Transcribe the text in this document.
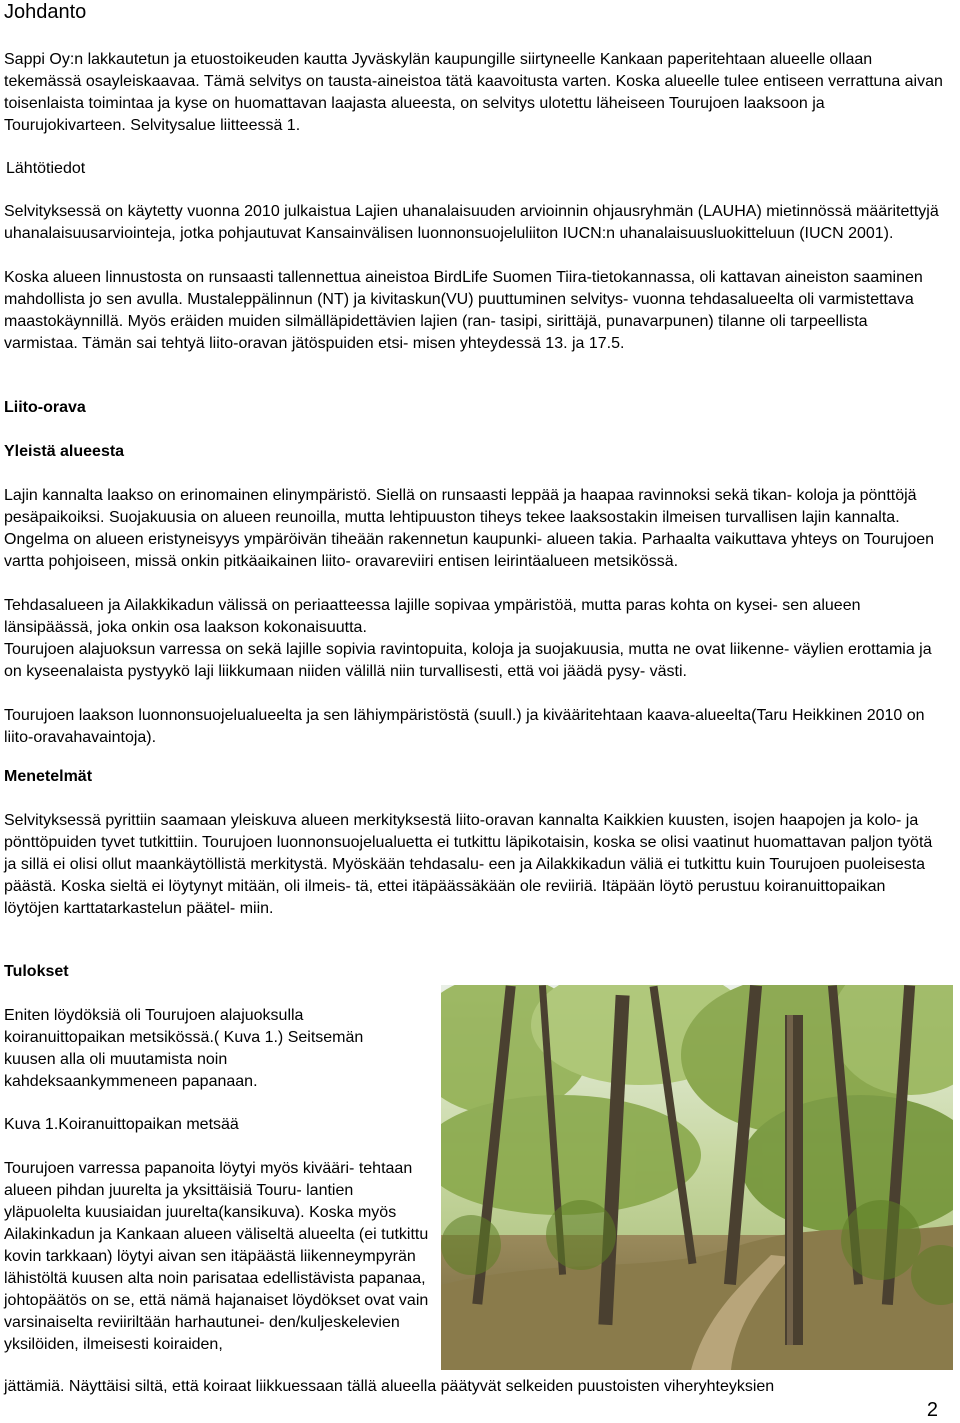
Johdanto

Sappi Oy:n lakkautetun ja etuostoikeuden kautta Jyväskylän kaupungille siirtyneelle Kankaan paperitehtaan alueelle ollaan tekemässä osayleiskaavaa. Tämä selvitys on tausta-aineistoa tätä kaavoitusta varten. Koska alueelle tulee entiseen verrattuna aivan toisenlaista toimintaa ja kyse on huomattavan laajasta alueesta, on selvitys ulotettu läheiseen Tourujoen laaksoon ja Tourujokivarteen. Selvitysalue liitteessä 1.

Lähtötiedot

Selvityksessä on käytetty vuonna 2010 julkaistua Lajien uhanalaisuuden arvioinnin ohjausryhmän (LAUHA) mietinnössä määritettyjä uhanalaisuusarviointeja, jotka pohjautuvat Kansainvälisen luonnonsuojeluliiton IUCN:n uhanalaisuusluokitteluun (IUCN 2001).

Koska alueen linnustosta on runsaasti tallennettua aineistoa BirdLife Suomen Tiira-tietokannassa, oli kattavan aineiston saaminen mahdollista jo sen avulla. Mustaleppälinnun (NT) ja kivitaskun(VU) puuttuminen selvitys- vuonna tehdasalueelta oli varmistettava maastokäynnillä. Myös eräiden muiden silmälläpidettävien lajien (ran- tasipi, sirittäjä, punavarpunen) tilanne oli tarpeellista varmistaa. Tämän sai tehtyä liito-oravan jätöspuiden etsi- misen yhteydessä 13. ja 17.5.

Liito-orava
Yleistä alueesta

Lajin kannalta laakso on erinomainen elinympäristö. Siellä on runsaasti leppää ja haapaa ravinnoksi sekä tikan- koloja ja pönttöjä pesäpaikoiksi. Suojakuusia on alueen reunoilla, mutta lehtipuuston tiheys tekee laaksostakin ilmeisen turvallisen lajin kannalta. Ongelma on alueen eristyneisyys ympäröivän tiheään rakennetun kaupunki- alueen takia. Parhaalta vaikuttava yhteys on Tourujoen vartta pohjoiseen, missä onkin pitkäaikainen liito- oravareviiri entisen leirintäalueen metsikössä.

Tehdasalueen ja Ailakkikadun välissä on periaatteessa lajille sopivaa ympäristöä, mutta paras kohta on kysei- sen alueen länsipäässä, joka onkin osa laakson kokonaisuutta.

Tourujoen alajuoksun varressa on sekä lajille sopivia ravintopuita, koloja ja suojakuusia, mutta ne ovat liikenne- väylien erottamia ja on kyseenalaista pystyykö laji liikkumaan niiden välillä niin turvallisesti, että voi jäädä pysy- västi.

Tourujoen laakson luonnonsuojelualueelta ja sen lähiympäristöstä (suull.) ja kivääritehtaan kaava-alueelta(Taru Heikkinen 2010 on liito-oravahavaintoja).

Menetelmät

Selvityksessä pyrittiin saamaan yleiskuva alueen merkityksestä liito-oravan kannalta Kaikkien kuusten, isojen haapojen ja kolo- ja pönttöpuiden tyvet tutkittiin. Tourujoen luonnonsuojelualuetta ei tutkittu läpikotaisin, koska se olisi vaatinut huomattavan paljon työtä ja sillä ei olisi ollut maankäytöllistä merkitystä. Myöskään tehdasalu- een ja Ailakkikadun väliä ei tutkittu kuin Tourujoen puoleisesta päästä. Koska sieltä ei löytynyt mitään, oli ilmeis- tä, ettei itäpäässäkään ole reviiriä. Itäpään löytö perustuu koiranuittopaikan löytöjen karttatarkastelun päätel- miin.

Tulokset

Eniten löydöksiä oli Tourujoen alajuoksulla koiranuittopaikan metsikössä.( Kuva 1.) Seitsemän kuusen alla oli muutamista noin kahdeksaankymmeneen papanaan.

Kuva 1.Koiranuittopaikan metsää

Tourujoen varressa papanoita löytyi myös kivääri- tehtaan alueen pihdan juurelta ja yksittäisiä Touru- lantien yläpuolelta kuusiaidan juurelta(kansikuva). Koska myös Ailakinkadun ja Kankaan alueen väliseltä alueelta (ei tutkittu kovin tarkkaan) löytyi aivan sen itäpäästä liikenneympyrän lähistöltä kuusen alta noin parisataa edellistävista papanaa, johtopäätös on se, että nämä hajanaiset löydökset ovat vain varsinaiselta reviiriltään harhautunei- den/kuljeskelevien yksilöiden, ilmeisesti koiraiden,

jättämiä. Näyttäisi siltä, että koiraat liikkuessaan tällä alueella päätyvät selkeiden puustoisten viheryhteyksien

2
